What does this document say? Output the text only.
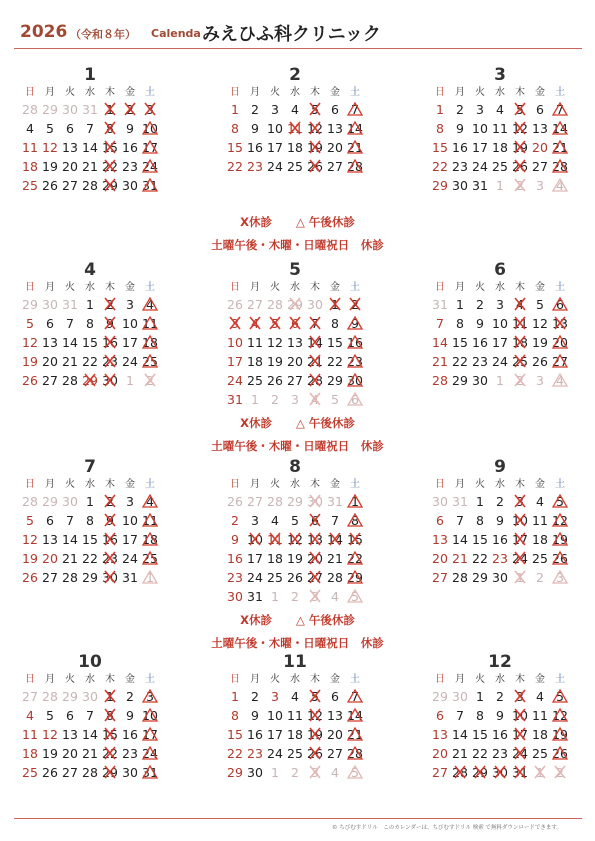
2026 （令和８年） Calenda みえひふ科クリニック
1
日	月	火	水	木	金	土
28 29 30 31 1 2 3
4 5 6 7 8 9 10
11 12 13 14 15 16 17
18 19 20 21 22 23 24
25 26 27 28 29 30 31
2
日	月	火	水	木	金	土
1 2 3 4 5 6 7
8 9 10 11 12 13 14
15 16 17 18 19 20 21
22 23 24 25 26 27 28
3
日	月	火	水	木	金	土
1 2 3 4 5 6 7
8 9 10 11 12 13 14
15 16 17 18 19 20 21
22 23 24 25 26 27 28
29 30 31 1 2 3 4
4
日	月	火	水	木	金	土
29 30 31 1 2 3 4
5 6 7 8 9 10 11
12 13 14 15 16 17 18
19 20 21 22 23 24 25
26 27 28 29 30 1 2
5
日	月	火	水	木	金	土
26 27 28 29 30 1 2
3 4 5 6 7 8 9
10 11 12 13 14 15 16
17 18 19 20 21 22 23
24 25 26 27 28 29 30
31 1 2 3 4 5 6
6
日	月	火	水	木	金	土
31 1 2 3 4 5 6
7 8 9 10 11 12 13
14 15 16 17 18 19 20
21 22 23 24 25 26 27
28 29 30 1 2 3 4
7
日	月	火	水	木	金	土
28 29 30 1 2 3 4
5 6 7 8 9 10 11
12 13 14 15 16 17 18
19 20 21 22 23 24 25
26 27 28 29 30 31 1
8
日	月	火	水	木	金	土
26 27 28 29 30 31 1
2 3 4 5 6 7 8
9 10 11 12 13 14 15
16 17 18 19 20 21 22
23 24 25 26 27 28 29
30 31 1 2 3 4 5
9
日	月	火	水	木	金	土
30 31 1 2 3 4 5
6 7 8 9 10 11 12
13 14 15 16 17 18 19
20 21 22 23 24 25 26
27 28 29 30 1 2 3
10
日	月	火	水	木	金	土
27 28 29 30 1 2 3
4 5 6 7 8 9 10
11 12 13 14 15 16 17
18 19 20 21 22 23 24
25 26 27 28 29 30 31
11
日	月	火	水	木	金	土
1 2 3 4 5 6 7
8 9 10 11 12 13 14
15 16 17 18 19 20 21
22 23 24 25 26 27 28
29 30 1 2 3 4 5
12
日	月	火	水	木	金	土
29 30 1 2 3 4 5
6 7 8 9 10 11 12
13 14 15 16 17 18 19
20 21 22 23 24 25 26
27 28 29 30 31 1 2
X休診 △ 午後休診
土曜午後・木曜・日曜祝日　休診
X休診 △ 午後休診
土曜午後・木曜・日曜祝日　休診
X休診 △ 午後休診
土曜午後・木曜・日曜祝日　休診
© ちびむすドリル　このカレンダーは、ちびむすドリル 検索 で無料ダウンロードできます。
